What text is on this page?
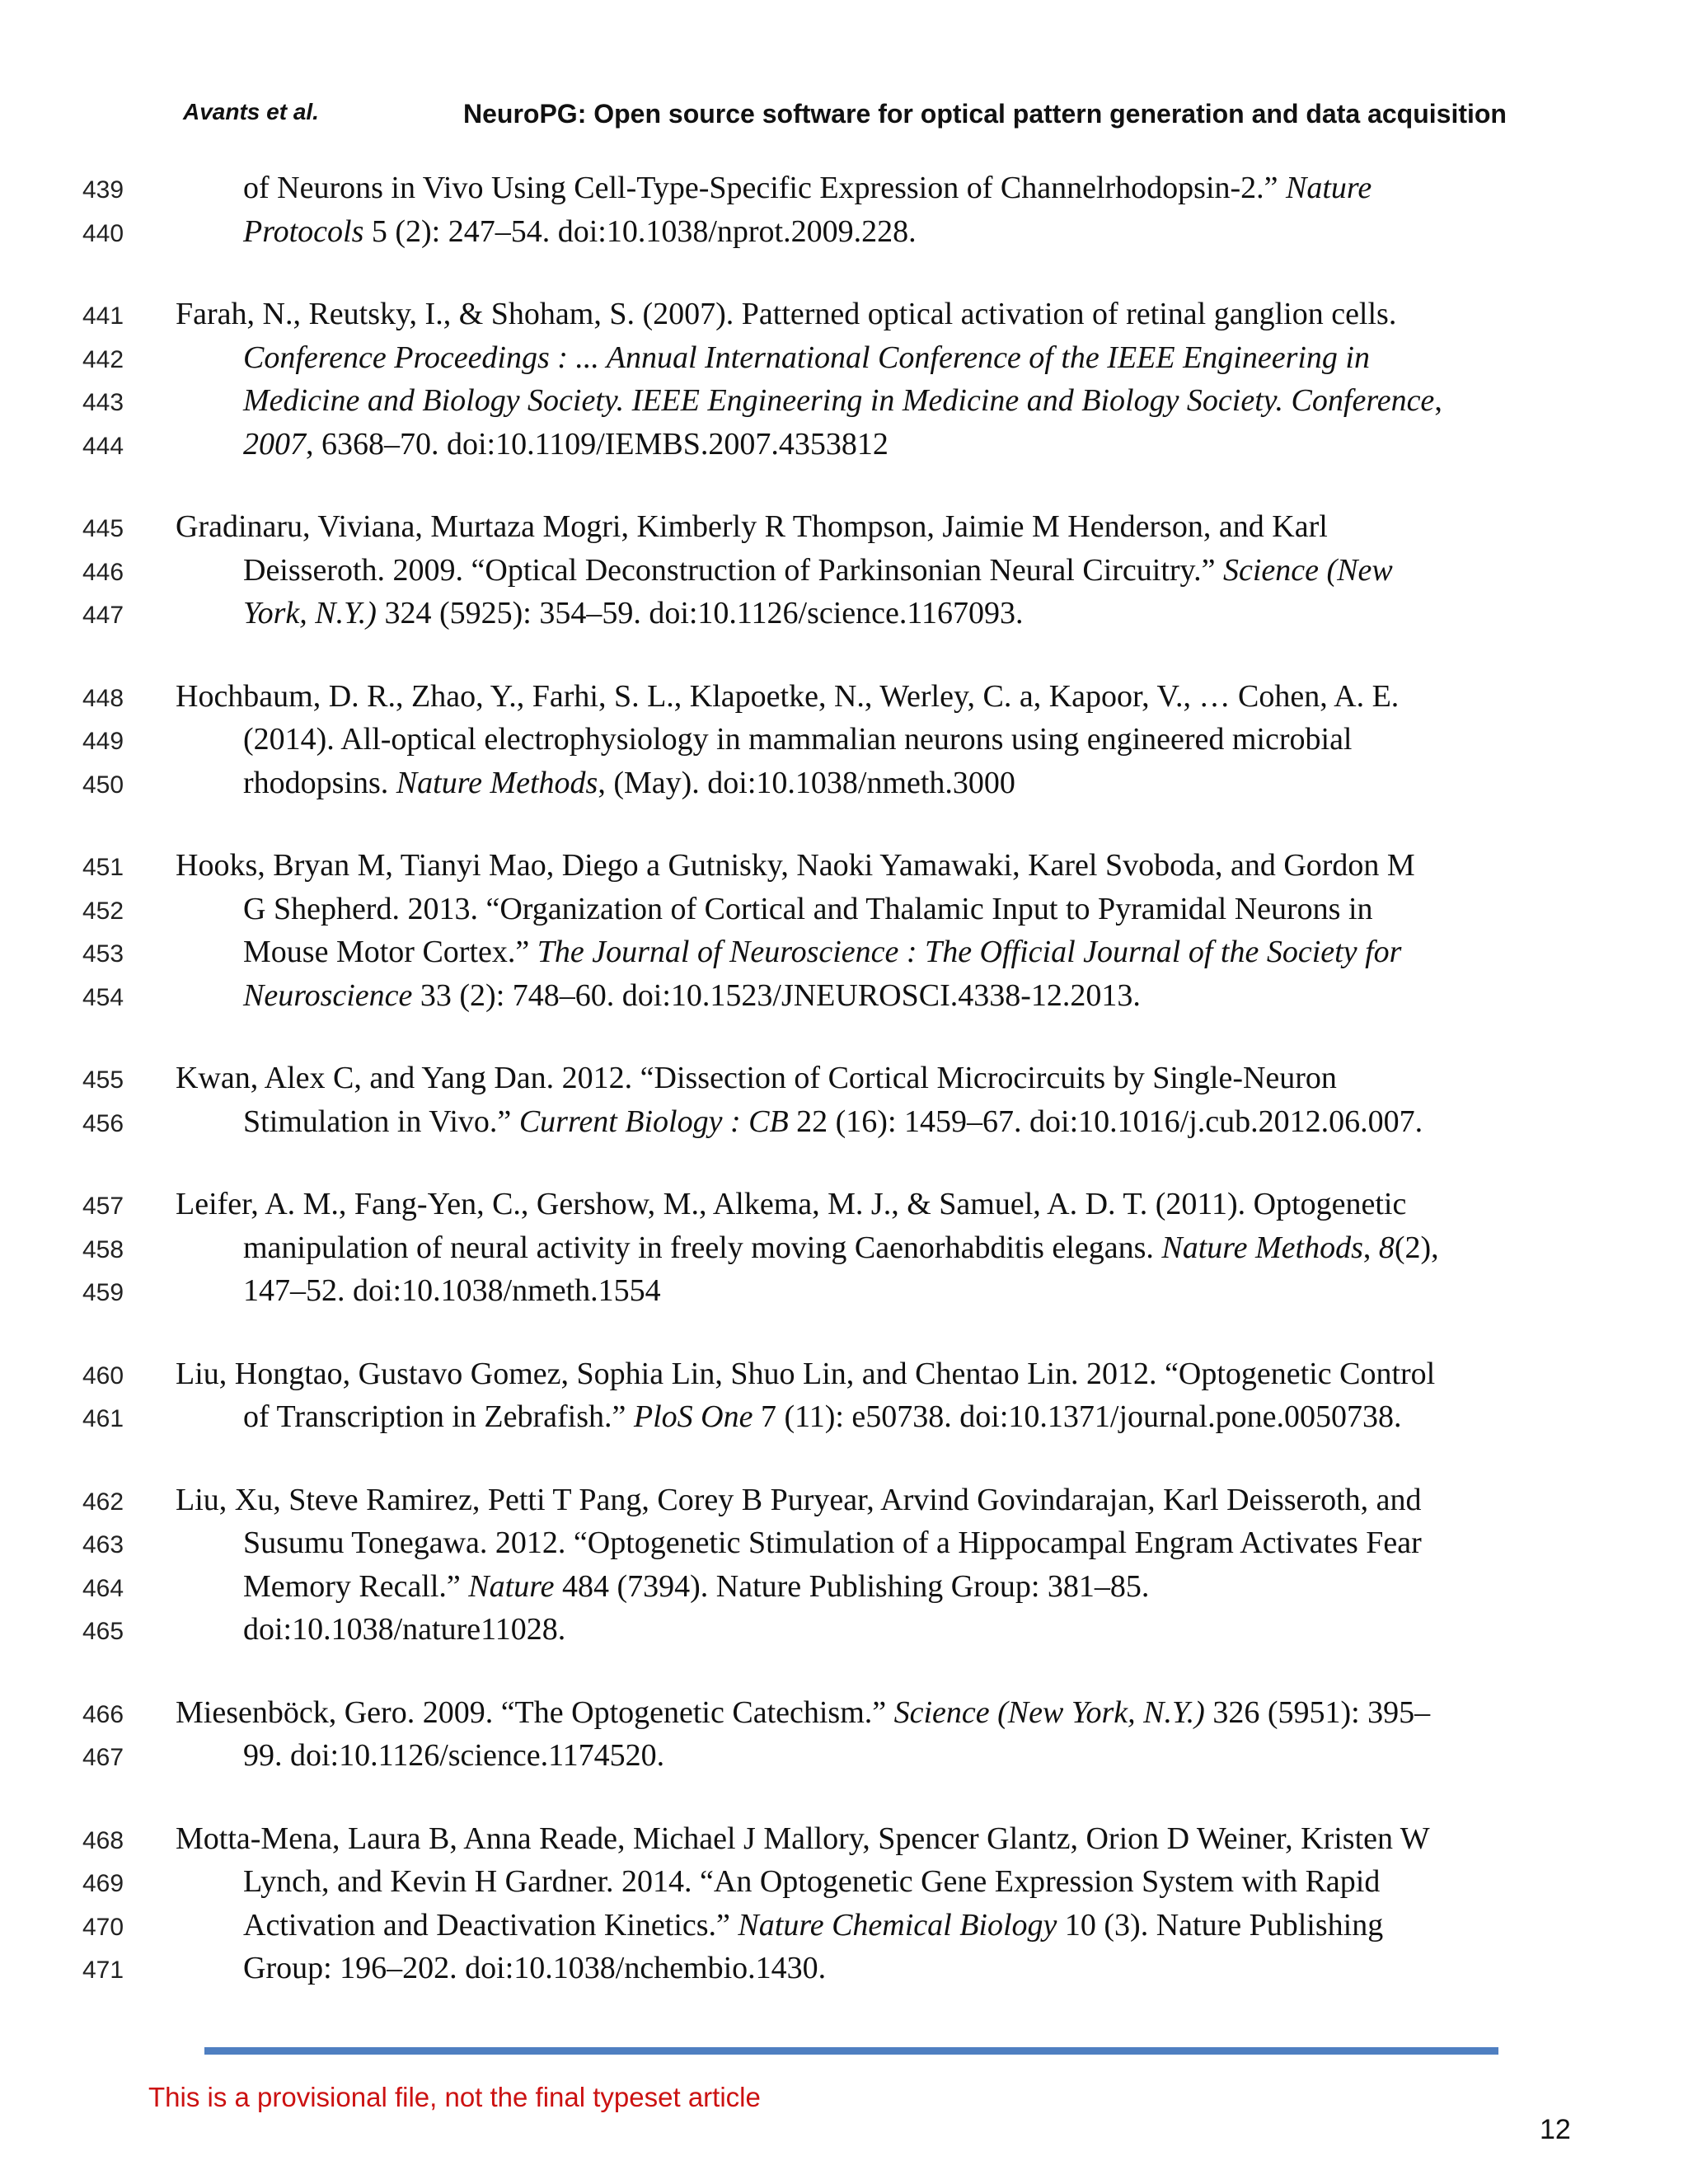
Avants et al.	NeuroPG: Open source software for optical pattern generation and data acquisition
439	of Neurons in Vivo Using Cell-Type-Specific Expression of Channelrhodopsin-2.” Nature
440	Protocols 5 (2): 247–54. doi:10.1038/nprot.2009.228.
441	Farah, N., Reutsky, I., & Shoham, S. (2007). Patterned optical activation of retinal ganglion cells.
442	Conference Proceedings : ... Annual International Conference of the IEEE Engineering in
443	Medicine and Biology Society. IEEE Engineering in Medicine and Biology Society. Conference,
444	2007, 6368–70. doi:10.1109/IEMBS.2007.4353812
445	Gradinaru, Viviana, Murtaza Mogri, Kimberly R Thompson, Jaimie M Henderson, and Karl
446	Deisseroth. 2009. “Optical Deconstruction of Parkinsonian Neural Circuitry.” Science (New
447	York, N.Y.) 324 (5925): 354–59. doi:10.1126/science.1167093.
448	Hochbaum, D. R., Zhao, Y., Farhi, S. L., Klapoetke, N., Werley, C. a, Kapoor, V., … Cohen, A. E.
449	(2014). All-optical electrophysiology in mammalian neurons using engineered microbial
450	rhodopsins. Nature Methods, (May). doi:10.1038/nmeth.3000
451	Hooks, Bryan M, Tianyi Mao, Diego a Gutnisky, Naoki Yamawaki, Karel Svoboda, and Gordon M
452	G Shepherd. 2013. “Organization of Cortical and Thalamic Input to Pyramidal Neurons in
453	Mouse Motor Cortex.” The Journal of Neuroscience : The Official Journal of the Society for
454	Neuroscience 33 (2): 748–60. doi:10.1523/JNEUROSCI.4338-12.2013.
455	Kwan, Alex C, and Yang Dan. 2012. “Dissection of Cortical Microcircuits by Single-Neuron
456	Stimulation in Vivo.” Current Biology : CB 22 (16): 1459–67. doi:10.1016/j.cub.2012.06.007.
457	Leifer, A. M., Fang-Yen, C., Gershow, M., Alkema, M. J., & Samuel, A. D. T. (2011). Optogenetic
458	manipulation of neural activity in freely moving Caenorhabditis elegans. Nature Methods, 8(2),
459	147–52. doi:10.1038/nmeth.1554
460	Liu, Hongtao, Gustavo Gomez, Sophia Lin, Shuo Lin, and Chentao Lin. 2012. “Optogenetic Control
461	of Transcription in Zebrafish.” PloS One 7 (11): e50738. doi:10.1371/journal.pone.0050738.
462	Liu, Xu, Steve Ramirez, Petti T Pang, Corey B Puryear, Arvind Govindarajan, Karl Deisseroth, and
463	Susumu Tonegawa. 2012. “Optogenetic Stimulation of a Hippocampal Engram Activates Fear
464	Memory Recall.” Nature 484 (7394). Nature Publishing Group: 381–85.
465	doi:10.1038/nature11028.
466	Miesenböck, Gero. 2009. “The Optogenetic Catechism.” Science (New York, N.Y.) 326 (5951): 395–
467	99. doi:10.1126/science.1174520.
468	Motta-Mena, Laura B, Anna Reade, Michael J Mallory, Spencer Glantz, Orion D Weiner, Kristen W
469	Lynch, and Kevin H Gardner. 2014. “An Optogenetic Gene Expression System with Rapid
470	Activation and Deactivation Kinetics.” Nature Chemical Biology 10 (3). Nature Publishing
471	Group: 196–202. doi:10.1038/nchembio.1430.
This is a provisional file, not the final typeset article
12
